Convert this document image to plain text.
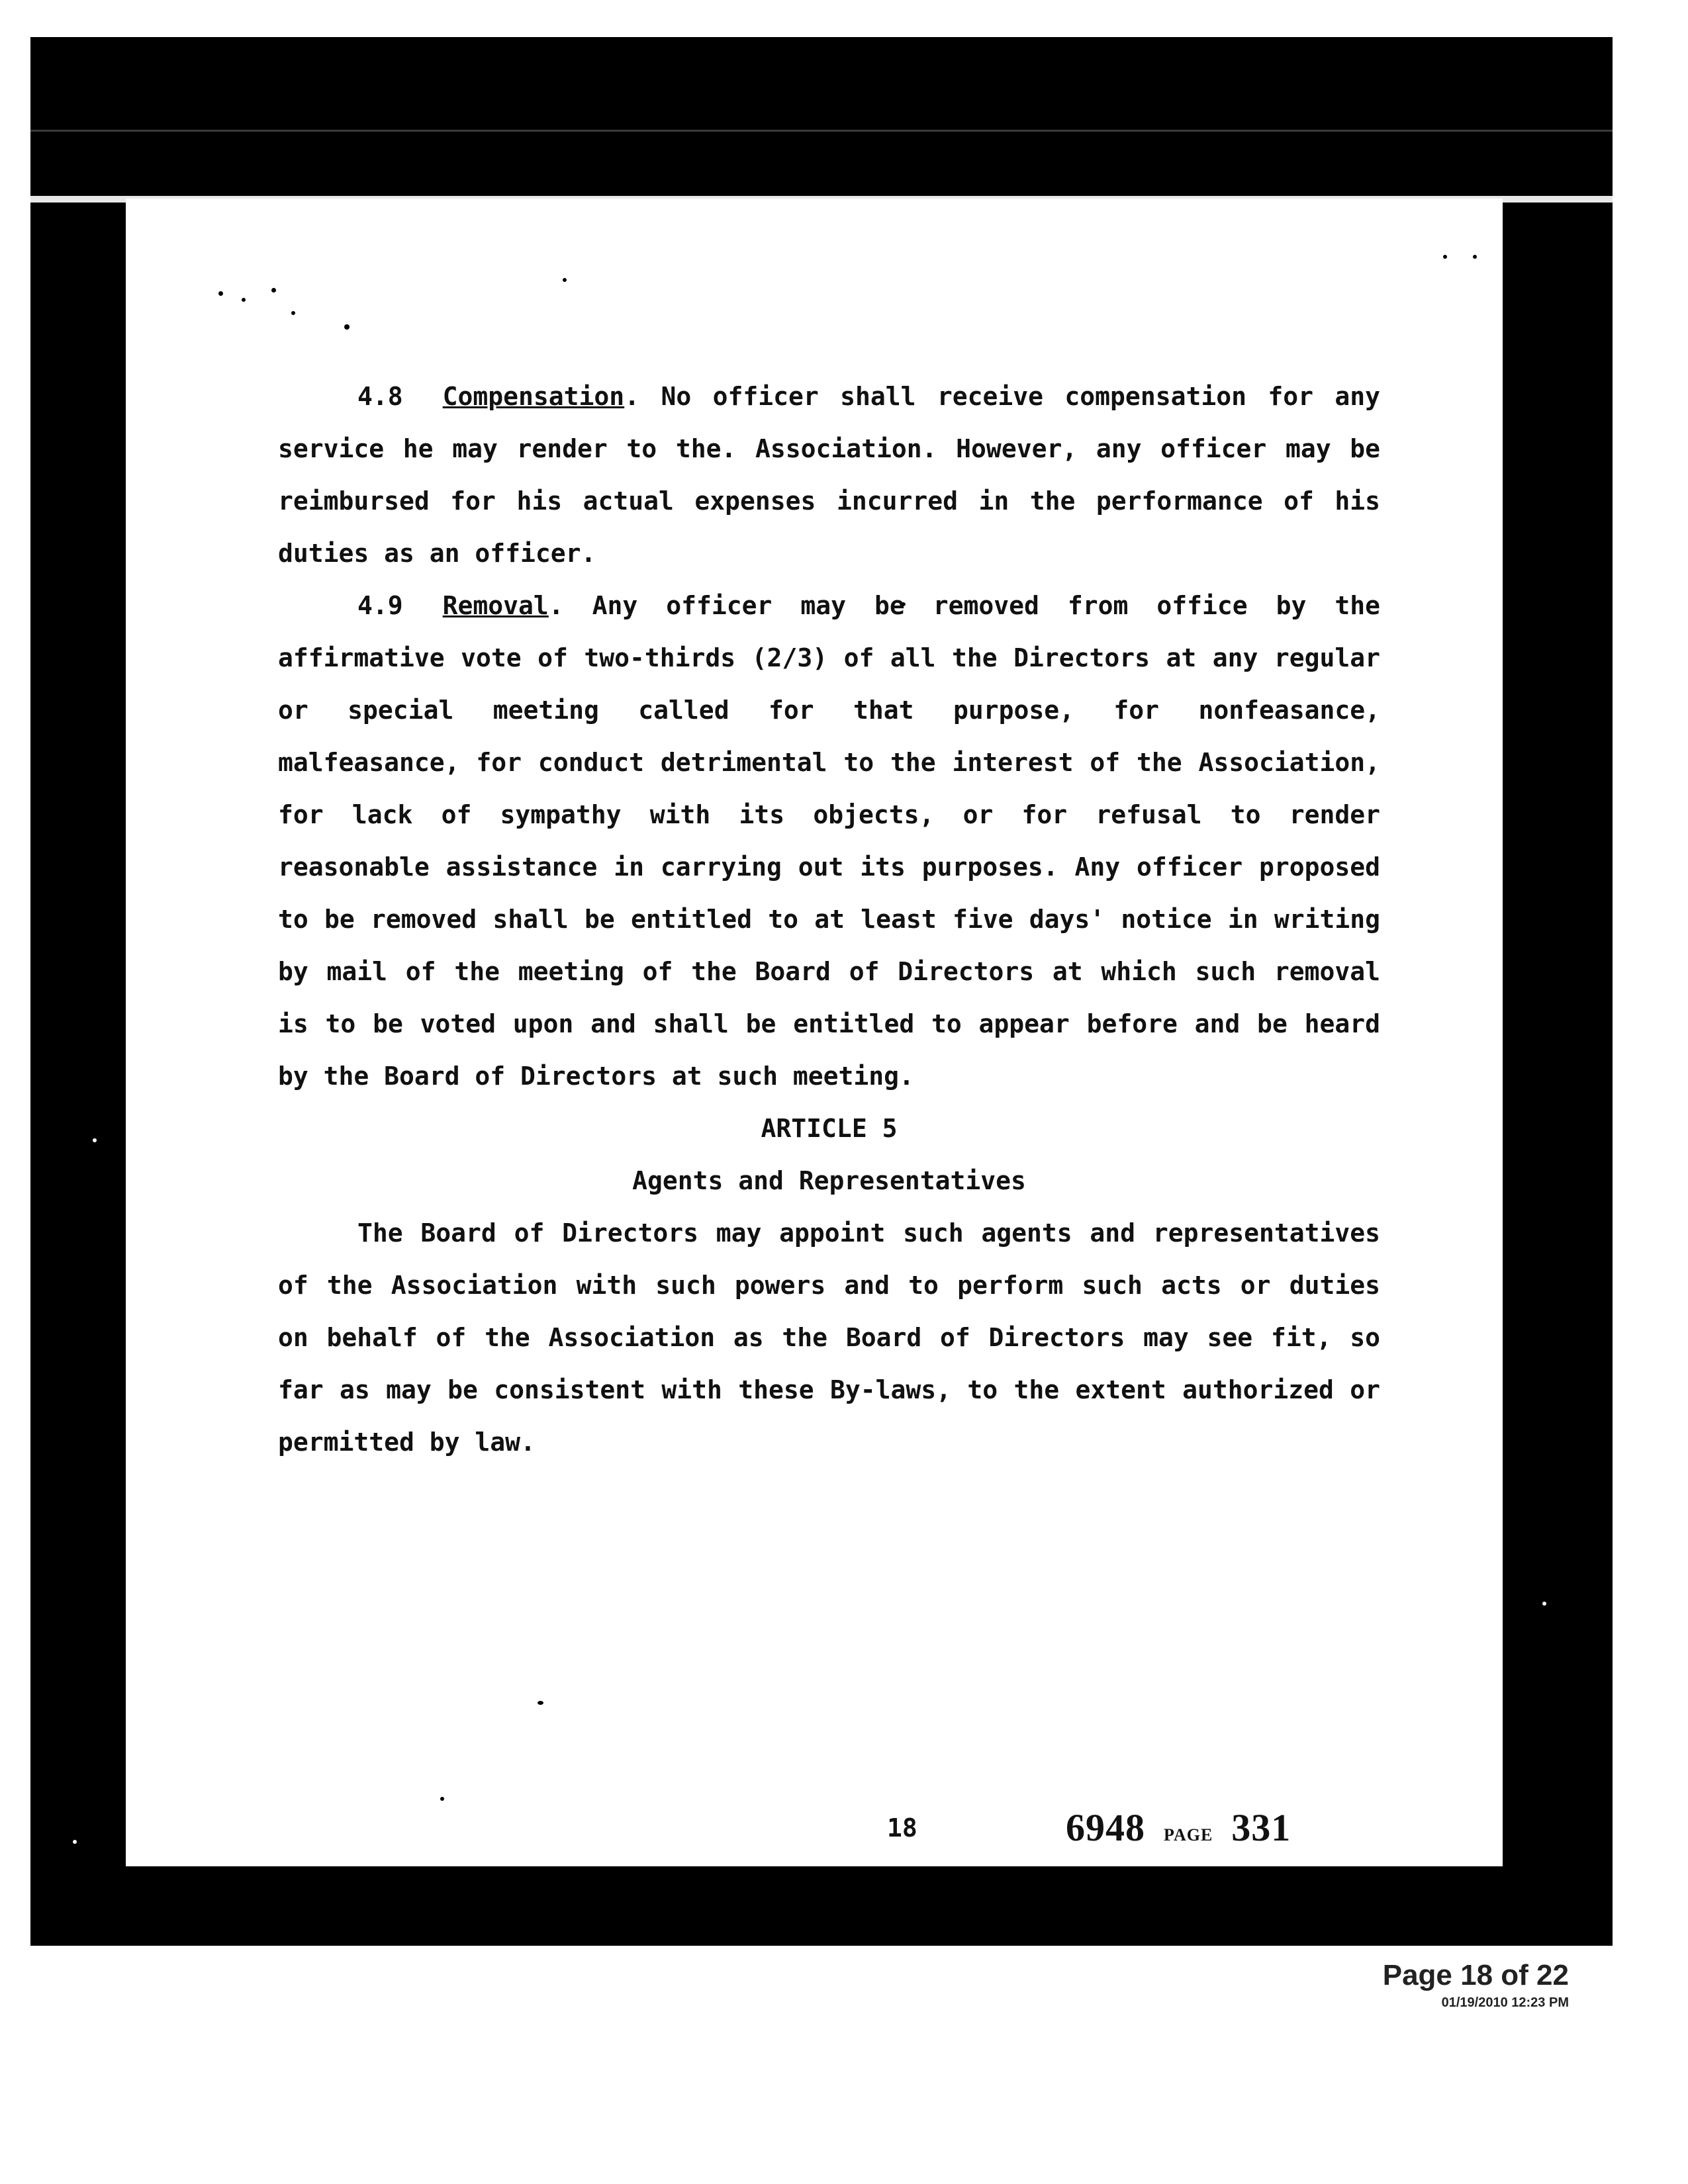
4.8 Compensation. No officer shall receive compensation for any service he may render to the. Association. However, any officer may be reimbursed for his actual expenses incurred in the performance of his duties as an officer.

4.9 Removal. Any officer may be removed from office by the affirmative vote of two-thirds (2/3) of all the Directors at any regular or special meeting called for that purpose, for nonfeasance, malfeasance, for conduct detrimental to the interest of the Association, for lack of sympathy with its objects, or for refusal to render reasonable assistance in carrying out its purposes. Any officer proposed to be removed shall be entitled to at least five days' notice in writing by mail of the meeting of the Board of Directors at which such removal is to be voted upon and shall be entitled to appear before and be heard by the Board of Directors at such meeting.

ARTICLE 5

Agents and Representatives

The Board of Directors may appoint such agents and representatives of the Association with such powers and to perform such acts or duties on behalf of the Association as the Board of Directors may see fit, so far as may be consistent with these By-laws, to the extent authorized or permitted by law.

18	6948 PAGE 331
Page 18 of 22
01/19/2010 12:23 PM
